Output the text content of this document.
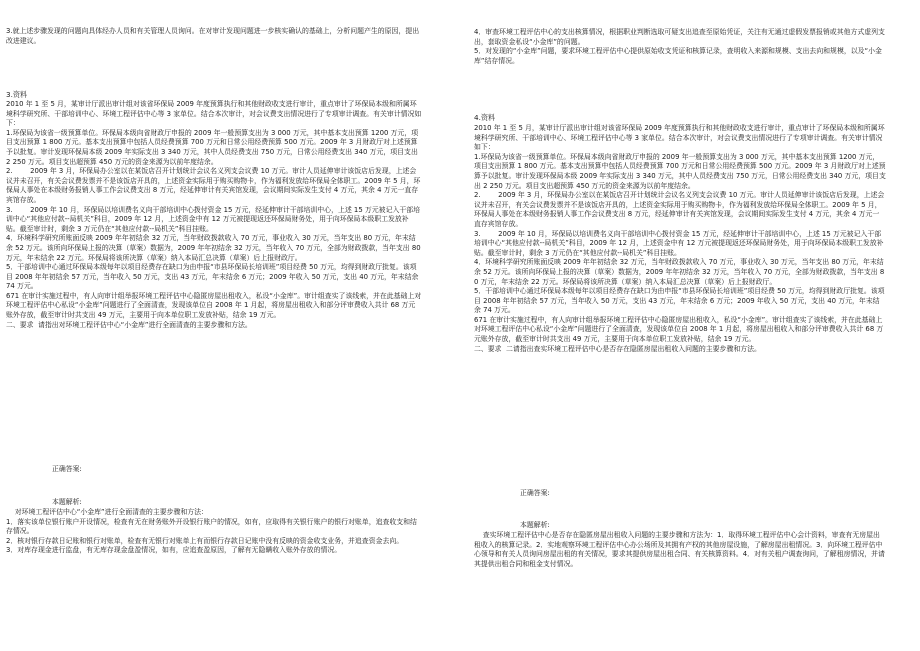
3.就上述步骤发现的问题向具体经办人员和有关管理人员询问。在对审计发现问题进一步核实确认的基础上，分析问题产生的原因，提出改进建议。
3.资料
2010 年 1 至 5 月，某审计厅派出审计组对该省环保局 2009 年度预算执行和其他财政收支进行审计，重点审计了环保局本级和所属环境科学研究所、干部培训中心、环境工程评估中心等 3 家单位。结合本次审计，对会议费支出情况进行了专项审计调查。有关审计情况如下：
1.环保局为该省一级预算单位。环保局本级向省财政厅申报的 2009 年一般预算支出为 3 000 万元，其中基本支出预算 1200 万元，项目支出预算 1 800 万元。基本支出预算中包括人员经费预算 700 万元和日常公用经费预算 500 万元。2009 年 3 月财政厅对上述预算予以批复。审计发现环保局本级 2009 年实际支出 3 340 万元，其中人员经费支出 750 万元，日常公用经费支出 340 万元，项目支出 2 250 万元。项目支出超预算 450 万元的资金来源为以前年度结余。
2.        2009 年 3 月，环保局办公室以在某饭店召开计划统计会议名义列支会议费 10 万元。审计人员延伸审计该饭店后发现，上述会议并未召开，有关会议费发票并不是该饭店开具的，上述资金实际用于购买购物卡，作为福利发放给环保局全体职工。2009 年 5 月，环保局人事处在本级财务报销人事工作会议费支出 8 万元，经延伸审计有关宾馆发现，会议期间实际发生支付 4 万元，其余 4 万元一直存宾馆存放。
3.        2009 年 10 月，环保局以培训费名义向干部培训中心拨付资金 15 万元，经延伸审计干部培训中心，上述 15 万元被记入干部培训中心“其他应付款--局机关”科目，2009 年 12 月，上述资金中有 12 万元被提现返还环保局财务处，用于向环保局本级职工发放补贴。截至审计时，剩余 3 万元仍在“其他应付款--局机关”科目挂账。
4．环境科学研究所账面反映 2009 年年初结余 32 万元，当年财政拨款收入 70 万元，事业收入 30 万元，当年支出 80 万元，年末结余 52 万元。该所向环保局上报的决算（草案）数据为，2009 年年初结余 32 万元，当年收入 70 万元，全部为财政拨款，当年支出 80 万元，年末结余 22 万元。环保局将该所决算（草案）纳入本局汇总决算（草案）后上报财政厅。
5．干部培训中心通过环保局本级每年以项目经费存在缺口为由申报“市县环保局长培训班”项目经费 50 万元，均得到财政厅批复。该项目 2008 年年初结余 57 万元，当年收入 50 万元，支出 43 万元，年末结余 6 万元；2009 年收入 50 万元，支出 40 万元，年末结余 74 万元。
671 在审计实施过程中，有人向审计组举报环境工程评估中心隐匿房屋出租收入，私设“小金库”。审计组查实了该线索，并在此基础上对环境工程评估中心私设“小金库”问题进行了全面清查，发现该单位自 2008 年 1 月起，将房屋出租收入和部分评审费收入共计 68 万元账外存放，截至审计时共支出 49 万元，主要用于向本单位职工发放补贴，结余 19 万元。
二、要求  请指出对环境工程评估中心“小金库”进行全面清查的主要步骤和方法。
正确答案:
本题解析:
对环境工程评估中心“小金库”进行全面清查的主要步骤和方法：
1．落实该单位银行账户开设情况，检查有无在财务账外开设银行账户的情况，如有，应取得有关银行账户的银行对账单，追查收支和结存情况。
2．核对银行存款日记账和银行对账单，检查有无银行对账单上有而银行存款日记账中没有反映的资金收支业务，并追查资金去向。
3．对库存现金进行监盘，有无库存现金盘盈情况，如有，应追查盈原因，了解有无隐瞒收入账外存放的情况。
4．审查环境工程评估中心的支出核算情况，根据职业判断选取可疑支出追查至原始凭证，关注有无通过虚假发票报销或其他方式虚列支出，套取资金私设“小金库”的问题。
5．对发现的“小金库”问题，要求环境工程评估中心提供原始收支凭证和核算记录，查明收入来源和规模、支出去向和规模，以及“小金库”结存情况。
4.资料
2010 年 1 至 5 月，某审计厅派出审计组对该省环保局 2009 年度预算执行和其他财政收支进行审计，重点审计了环保局本级和所属环境科学研究所、干部培训中心、环境工程评估中心等 3 家单位。结合本次审计，对会议费支出情况进行了专项审计调查。有关审计情况如下：
1.环保局为该省一级预算单位。环保局本级向省财政厅申报的 2009 年一般预算支出为 3 000 万元，其中基本支出预算 1200 万元，项目支出预算 1 800 万元。基本支出预算中包括人员经费预算 700 万元和日常公用经费预算 500 万元。2009 年 3 月财政厅对上述预算予以批复。审计发现环保局本级 2009 年实际支出 3 340 万元，其中人员经费支出 750 万元，日常公用经费支出 340 万元，项目支出 2 250 万元。项目支出超预算 450 万元的资金来源为以前年度结余。
2.        2009 年 3 月，环保局办公室以在某饭店召开计划统计会议名义列支会议费 10 万元。审计人员延伸审计该饭店后发现，上述会议并未召开，有关会议费发票并不是该饭店开具的，上述资金实际用于购买购物卡，作为福利发放给环保局全体职工。2009 年 5 月，环保局人事处在本级财务报销人事工作会议费支出 8 万元，经延伸审计有关宾馆发现，会议期间实际发生支付 4 万元，其余 4 万元一直存宾馆存放。
3.        2009 年 10 月，环保局以培训费名义向干部培训中心拨付资金 15 万元，经延伸审计干部培训中心，上述 15 万元被记入干部培训中心“其他应付款--局机关”科目，2009 年 12 月，上述资金中有 12 万元被提现返还环保局财务处，用于向环保局本级职工发放补贴。截至审计时，剩余 3 万元仍在“其他应付款--局机关”科目挂账。
4．环境科学研究所账面反映 2009 年年初结余 32 万元，当年财政拨款收入 70 万元，事业收入 30 万元，当年支出 80 万元，年末结余 52 万元。该所向环保局上报的决算（草案）数据为，2009 年年初结余 32 万元，当年收入 70 万元，全部为财政拨款，当年支出 80 万元，年末结余 22 万元。环保局将该所决算（草案）纳入本局汇总决算（草案）后上报财政厅。
5．干部培训中心通过环保局本级每年以项目经费存在缺口为由申报“市县环保局长培训班”项目经费 50 万元，均得到财政厅批复。该项目 2008 年年初结余 57 万元，当年收入 50 万元，支出 43 万元，年末结余 6 万元；2009 年收入 50 万元，支出 40 万元，年末结余 74 万元。
671 在审计实施过程中，有人向审计组举报环境工程评估中心隐匿房屋出租收入，私设“小金库”。审计组查实了该线索，并在此基础上对环境工程评估中心私设“小金库”问题进行了全面清查，发现该单位自 2008 年 1 月起，将房屋出租收入和部分评审费收入共计 68 万元账外存放，截至审计时共支出 49 万元，主要用于向本单位职工发放补贴，结余 19 万元。
二、要求  二请指出查实环境工程评估中心是否存在隐匿房屋出租收入问题的主要步骤和方法。
正确答案:
本题解析:
查实环境工程评估中心是否存在隐匿房屋出租收入问题的主要步骤和方法为：1．取得环境工程评估中心会计资料，审查有无房屋出租收入的核算记录。2．实地观察环境工程评估中心办公场所及其拥有产权的其他房屋设施，了解房屋出租情况。3．向环境工程评估中心领导和有关人员询问房屋出租的有关情况，要求其提供房屋出租合同、有关核算资料。4．对有关租户调查询问，了解租房情况，并请其提供出租合同和租金支付情况。
